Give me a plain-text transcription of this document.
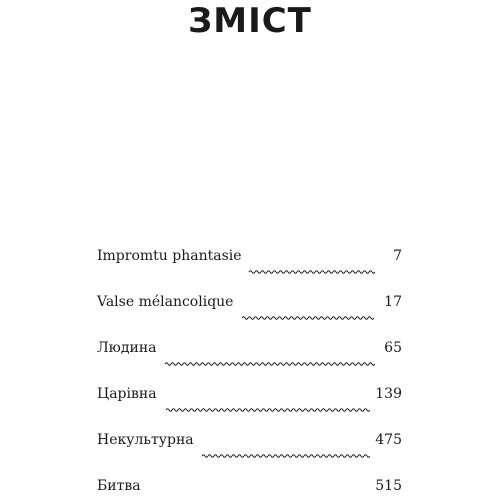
ЗМІСТ
Impromtu phantasie	7
Valse mélancolique	17
Людина	65
Царівна	139
Некультурна	475
Битва	515
